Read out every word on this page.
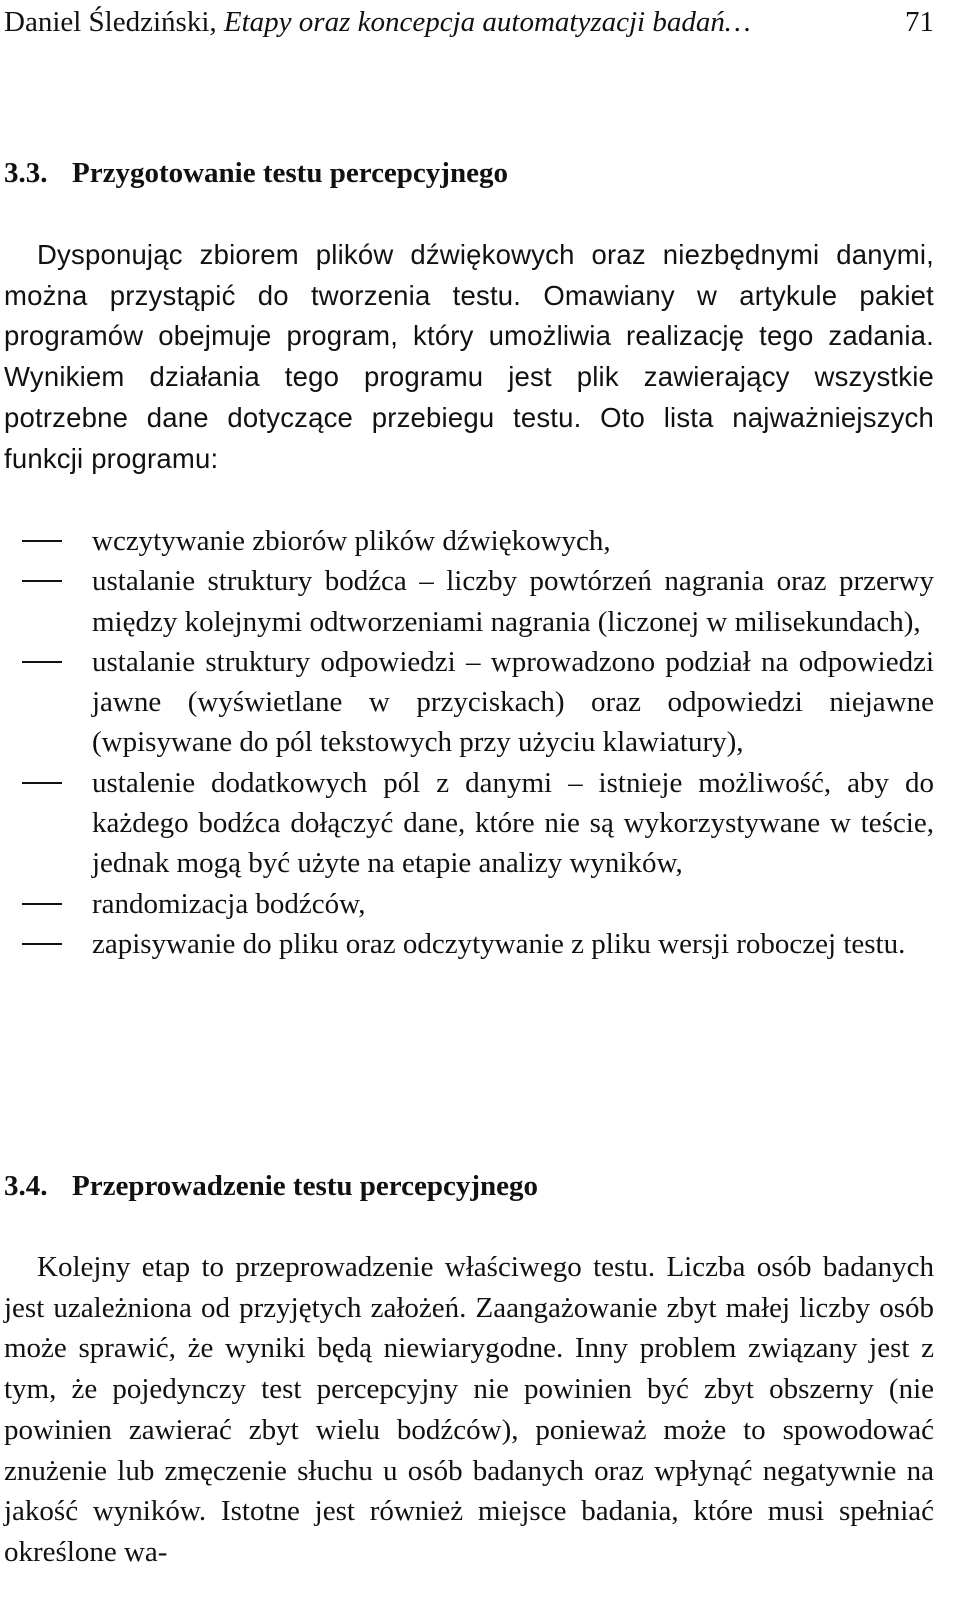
Daniel Śledziński, Etapy oraz koncepcja automatyzacji badań…	71
3.3. Przygotowanie testu percepcyjnego

Dysponując zbiorem plików dźwiękowych oraz niezbędnymi danymi, można przystąpić do tworzenia testu. Omawiany w artykule pakiet programów obejmuje program, który umożliwia realizację tego zadania. Wynikiem działania tego programu jest plik zawierający wszystkie potrzebne dane dotyczące przebiegu testu. Oto lista najważniejszych funkcji programu:

wczytywanie zbiorów plików dźwiękowych,
ustalanie struktury bodźca – liczby powtórzeń nagrania oraz przerwy między kolejnymi odtworzeniami nagrania (liczonej w milisekundach),
ustalanie struktury odpowiedzi – wprowadzono podział na odpowiedzi jawne (wyświetlane w przyciskach) oraz odpowiedzi niejawne (wpisywane do pól tekstowych przy użyciu klawiatury),
ustalenie dodatkowych pól z danymi – istnieje możliwość, aby do każdego bodźca dołączyć dane, które nie są wykorzystywane w teście, jednak mogą być użyte na etapie analizy wyników,
randomizacja bodźców,
zapisywanie do pliku oraz odczytywanie z pliku wersji roboczej testu.
3.4. Przeprowadzenie testu percepcyjnego

Kolejny etap to przeprowadzenie właściwego testu. Liczba osób badanych jest uzależniona od przyjętych założeń. Zaangażowanie zbyt małej liczby osób może sprawić, że wyniki będą niewiarygodne. Inny problem związany jest z tym, że pojedynczy test percepcyjny nie powinien być zbyt obszerny (nie powinien zawierać zbyt wielu bodźców), ponieważ może to spowodować znużenie lub zmęczenie słuchu u osób badanych oraz wpłynąć negatywnie na jakość wyników. Istotne jest również miejsce badania, które musi spełniać określone wa-
